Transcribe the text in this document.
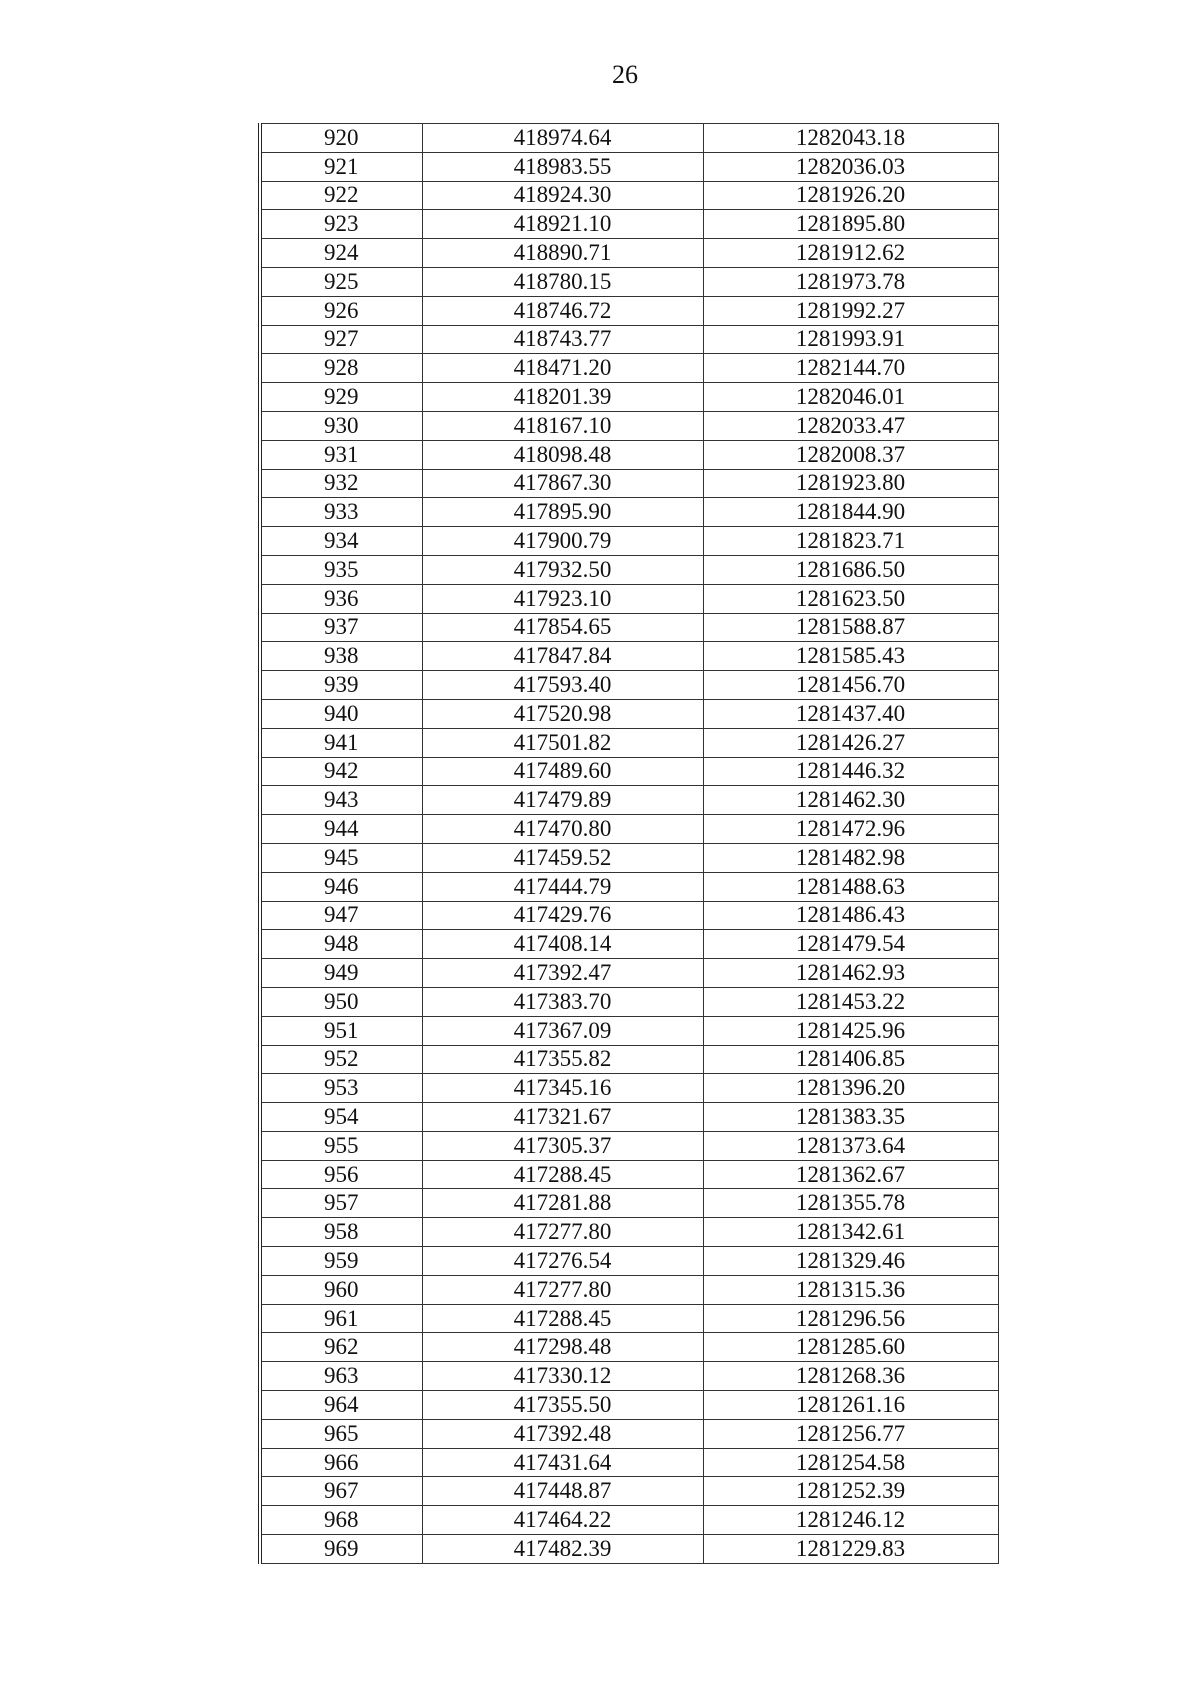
26
920	418974.64	1282043.18
921	418983.55	1282036.03
922	418924.30	1281926.20
923	418921.10	1281895.80
924	418890.71	1281912.62
925	418780.15	1281973.78
926	418746.72	1281992.27
927	418743.77	1281993.91
928	418471.20	1282144.70
929	418201.39	1282046.01
930	418167.10	1282033.47
931	418098.48	1282008.37
932	417867.30	1281923.80
933	417895.90	1281844.90
934	417900.79	1281823.71
935	417932.50	1281686.50
936	417923.10	1281623.50
937	417854.65	1281588.87
938	417847.84	1281585.43
939	417593.40	1281456.70
940	417520.98	1281437.40
941	417501.82	1281426.27
942	417489.60	1281446.32
943	417479.89	1281462.30
944	417470.80	1281472.96
945	417459.52	1281482.98
946	417444.79	1281488.63
947	417429.76	1281486.43
948	417408.14	1281479.54
949	417392.47	1281462.93
950	417383.70	1281453.22
951	417367.09	1281425.96
952	417355.82	1281406.85
953	417345.16	1281396.20
954	417321.67	1281383.35
955	417305.37	1281373.64
956	417288.45	1281362.67
957	417281.88	1281355.78
958	417277.80	1281342.61
959	417276.54	1281329.46
960	417277.80	1281315.36
961	417288.45	1281296.56
962	417298.48	1281285.60
963	417330.12	1281268.36
964	417355.50	1281261.16
965	417392.48	1281256.77
966	417431.64	1281254.58
967	417448.87	1281252.39
968	417464.22	1281246.12
969	417482.39	1281229.83
